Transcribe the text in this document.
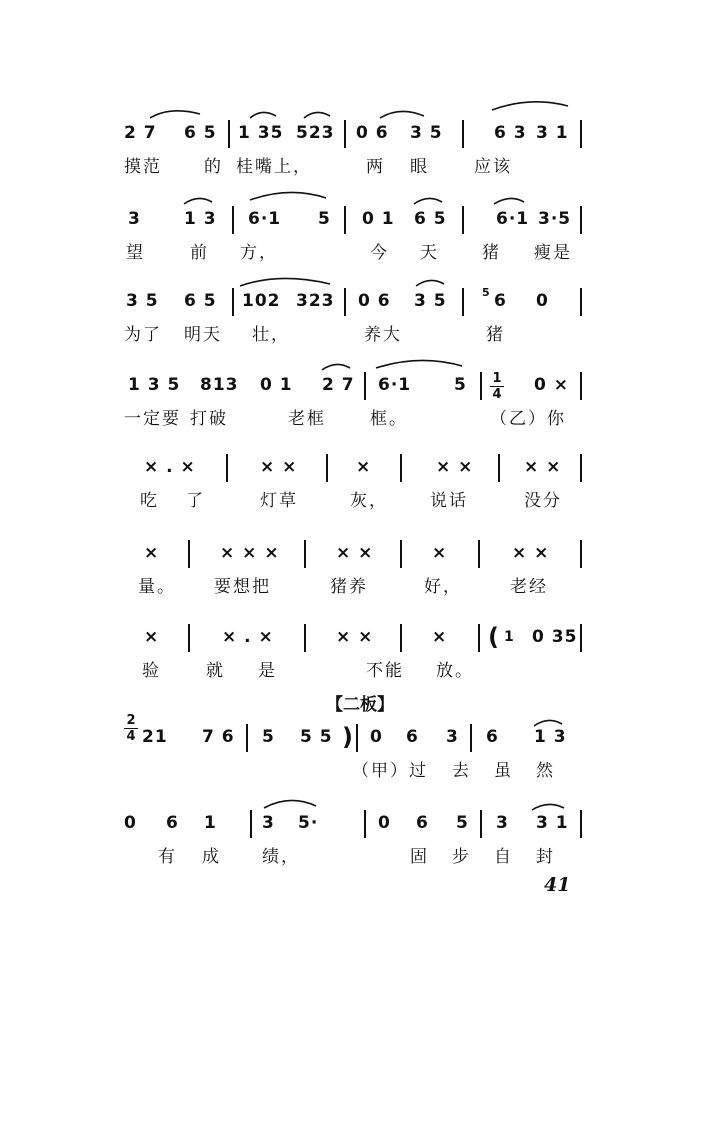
2 7 6 5 1 35 523 0 6 3 5	6 3 3 1
摸范 的 桂嘴上，	两 眼	应该
3	1 3 6·1 5 0 1 6 5	6·1 3·5
望	前 方，	今 天	猪 瘦是
3 5 6 5 102 323 0 6 3 5	5 6 0
为了 明天 壮，	养大	猪
1 3 5 813 0 1 2 7 6·1	5 1
4 0 ×
一定要 打破	老框	框。	（乙）你
× . ×	× ×	×	× ×	× ×
吃 了	灯草	灰， 说话	没分
×	× × ×	× ×	×	× ×
量。 要想把	猪养	好，	老经
×	× . ×	× ×	× ( 1 0 35
验	就 是	不能 放。
【二板】
2
4 21 7 6 5 5 5 ) 0 6 3 6 1 3
（甲）过 去 虽 然
0 6 1	3 5·	0 6 5 3 3 1
有 成 绩，	固 步 自 封
41
